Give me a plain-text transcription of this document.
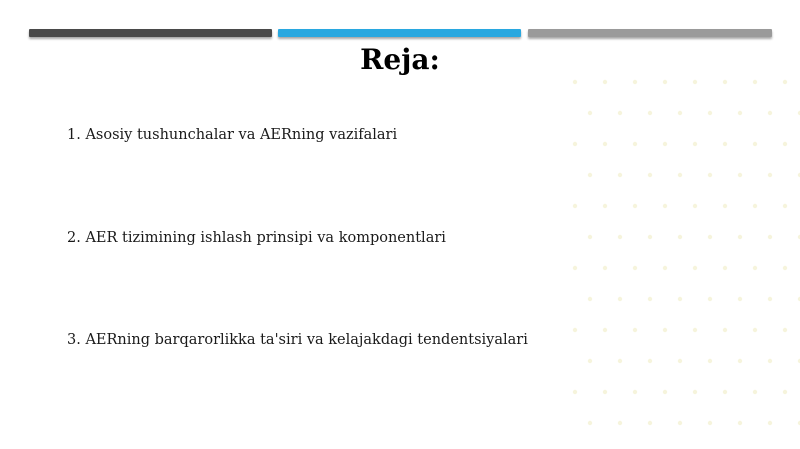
Reja:
1. Asosiy tushunchalar va AERning vazifalari
2. AER tizimining ishlash prinsipi va komponentlari
3. AERning barqarorlikka ta'siri va kelajakdagi tendentsiyalari
